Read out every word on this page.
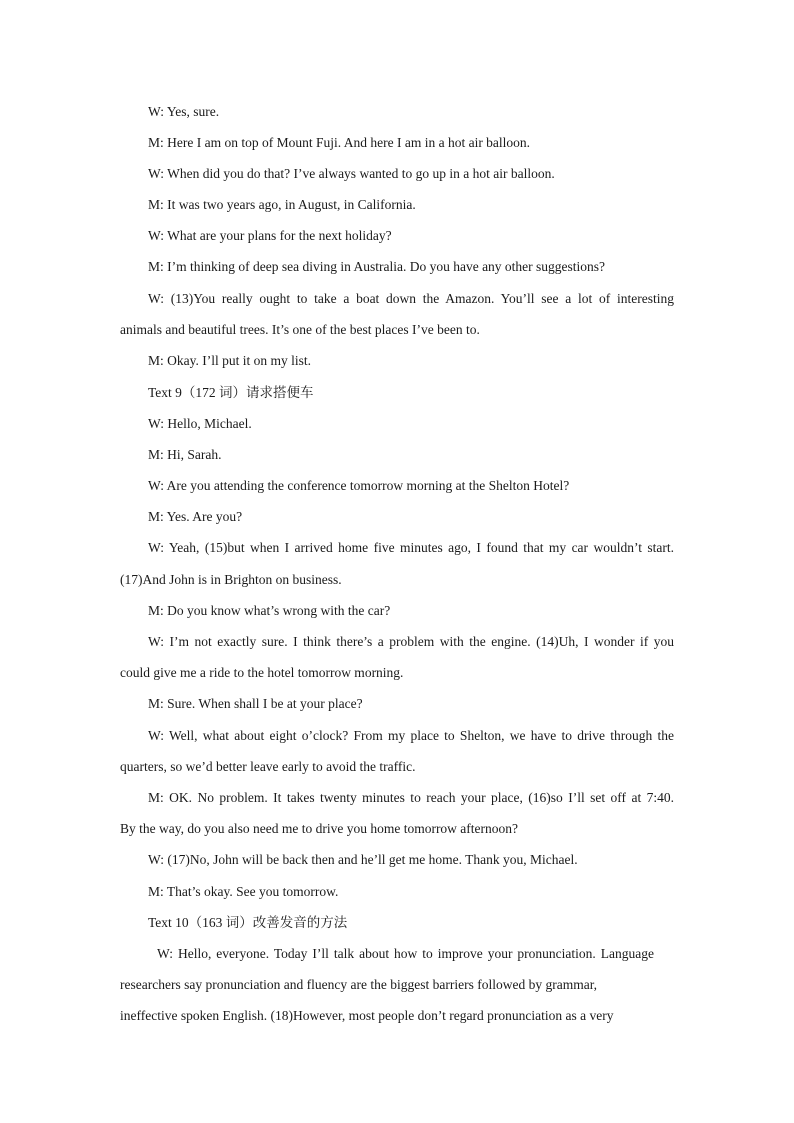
W: Yes, sure.
M: Here I am on top of Mount Fuji. And here I am in a hot air balloon.
W: When did you do that? I’ve always wanted to go up in a hot air balloon.
M: It was two years ago, in August, in California.
W: What are your plans for the next holiday?
M: I’m thinking of deep sea diving in Australia. Do you have any other suggestions?
W: (13)You really ought to take a boat down the Amazon. You’ll see a lot of interesting
animals and beautiful trees. It’s one of the best places I’ve been to.
M: Okay. I’ll put it on my list.
Text 9（172 词）请求搭便车
W: Hello, Michael.
M: Hi, Sarah.
W: Are you attending the conference tomorrow morning at the Shelton Hotel?
M: Yes. Are you?
W: Yeah, (15)but when I arrived home five minutes ago, I found that my car wouldn’t start.
(17)And John is in Brighton on business.
M: Do you know what’s wrong with the car?
W: I’m not exactly sure. I think there’s a problem with the engine. (14)Uh, I wonder if you
could give me a ride to the hotel tomorrow morning.
M: Sure. When shall I be at your place?
W: Well, what about eight o’clock? From my place to Shelton, we have to drive through the
quarters, so we’d better leave early to avoid the traffic.
M: OK. No problem. It takes twenty minutes to reach your place, (16)so I’ll set off at 7:40.
By the way, do you also need me to drive you home tomorrow afternoon?
W: (17)No, John will be back then and he’ll get me home. Thank you, Michael.
M: That’s okay. See you tomorrow.
Text 10（163 词）改善发音的方法
W: Hello, everyone. Today I’ll talk about how to improve your pronunciation. Language
researchers say pronunciation and fluency are the biggest barriers followed by grammar,
ineffective spoken English. (18)However, most people don’t regard pronunciation as a very
